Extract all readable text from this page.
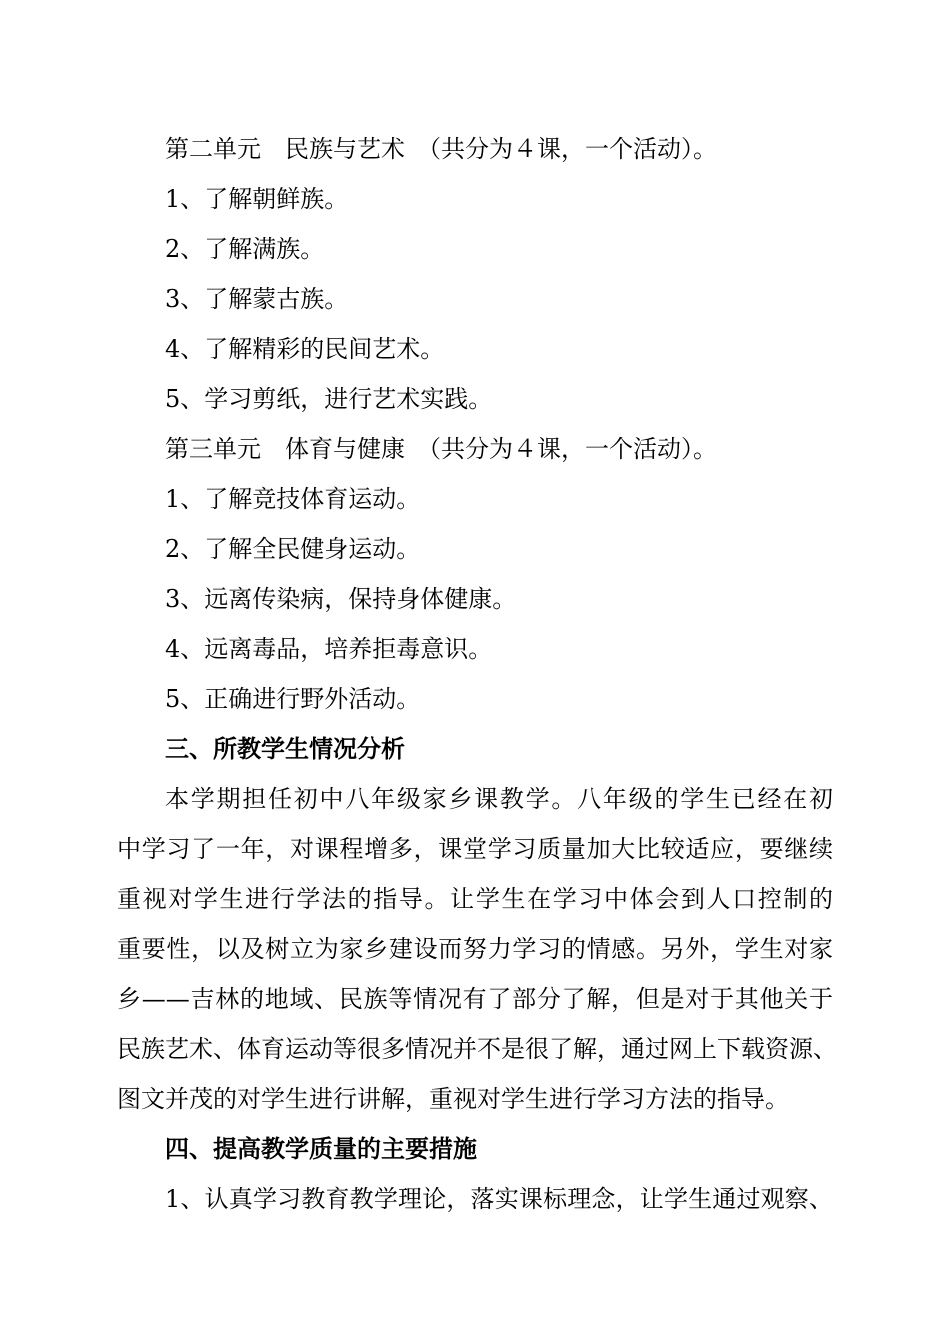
第二单元　民族与艺术　（共分为４课，一个活动）。
1、了解朝鲜族。
2、了解满族。
3、了解蒙古族。
4、了解精彩的民间艺术。
5、学习剪纸，进行艺术实践。
第三单元　体育与健康　（共分为４课，一个活动）。
1、了解竞技体育运动。
2、了解全民健身运动。
3、远离传染病，保持身体健康。
4、远离毒品，培养拒毒意识。
5、正确进行野外活动。
三、所教学生情况分析
本学期担任初中八年级家乡课教学。八年级的学生已经在初
中学习了一年，对课程增多，课堂学习质量加大比较适应，要继续
重视对学生进行学法的指导。让学生在学习中体会到人口控制的
重要性，以及树立为家乡建设而努力学习的情感。另外，学生对家
乡——吉林的地域、民族等情况有了部分了解，但是对于其他关于
民族艺术、体育运动等很多情况并不是很了解，通过网上下载资源、
图文并茂的对学生进行讲解，重视对学生进行学习方法的指导。
四、提高教学质量的主要措施
1、认真学习教育教学理论，落实课标理念，让学生通过观察、
